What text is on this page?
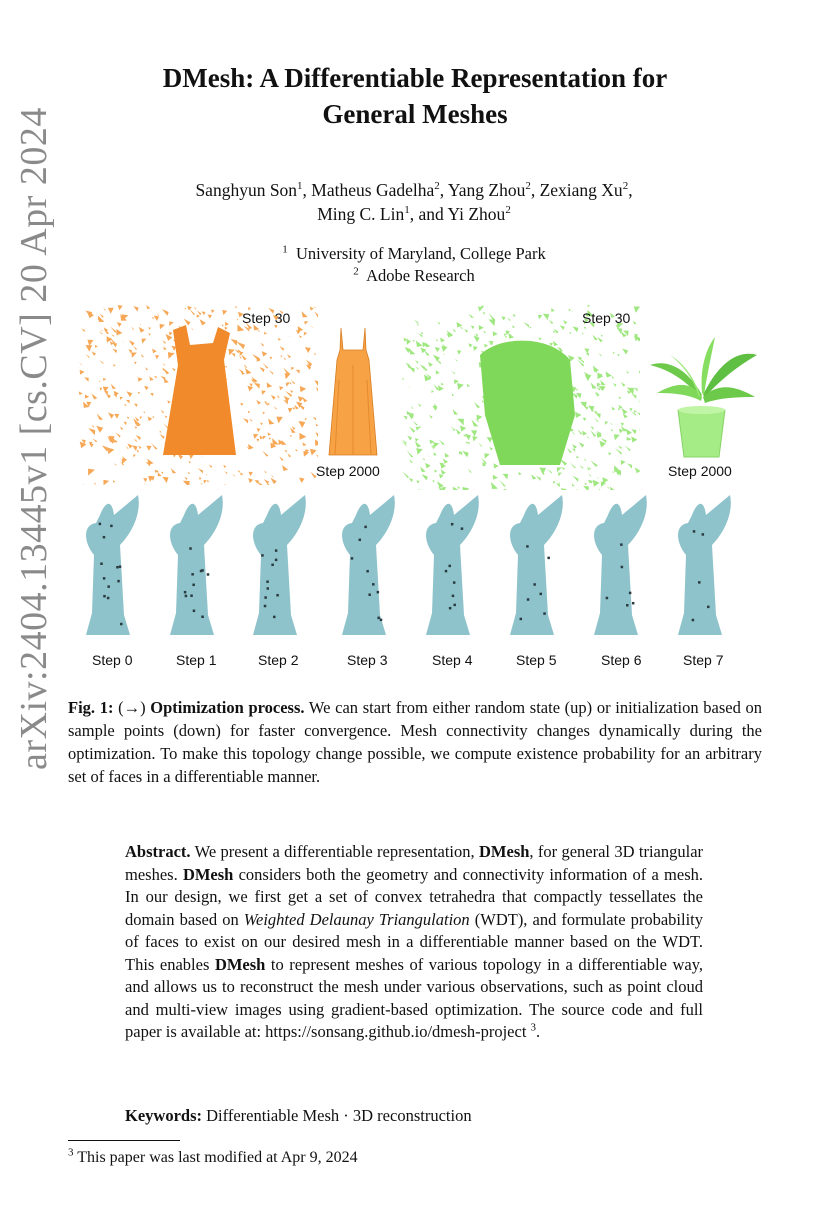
arXiv:2404.13445v1 [cs.CV] 20 Apr 2024
DMesh: A Differentiable Representation for
General Meshes
Sanghyun Son$^1$, Matheus Gadelha$^2$, Yang Zhou$^2$, Zexiang Xu$^2$,
Ming C. Lin$^1$, and Yi Zhou$^2$
$^1$ University of Maryland, College Park
$^2$ Adobe Research
Step 30
Step 2000
Step 30
Step 2000
Step 0	Step 1	Step 2	Step 3	Step 4	Step 5	Step 6	Step 7
Fig. 1: (→) Optimization process. We can start from either random state (up) or initialization based on sample points (down) for faster convergence. Mesh connectivity changes dynamically during the optimization. To make this topology change possible, we compute existence probability for an arbitrary set of faces in a differentiable manner.
Abstract. We present a differentiable representation, DMesh, for general 3D triangular meshes. DMesh considers both the geometry and connectivity information of a mesh. In our design, we first get a set of convex tetrahedra that compactly tessellates the domain based on Weighted Delaunay Triangulation (WDT), and formulate probability of faces to exist on our desired mesh in a differentiable manner based on the WDT. This enables DMesh to represent meshes of various topology in a differentiable way, and allows us to reconstruct the mesh under various observations, such as point cloud and multi-view images using gradient-based optimization. The source code and full paper is available at: https://sonsang.github.io/dmesh-project $^3$.
Keywords: Differentiable Mesh · 3D reconstruction
$^3$ This paper was last modified at Apr 9, 2024
